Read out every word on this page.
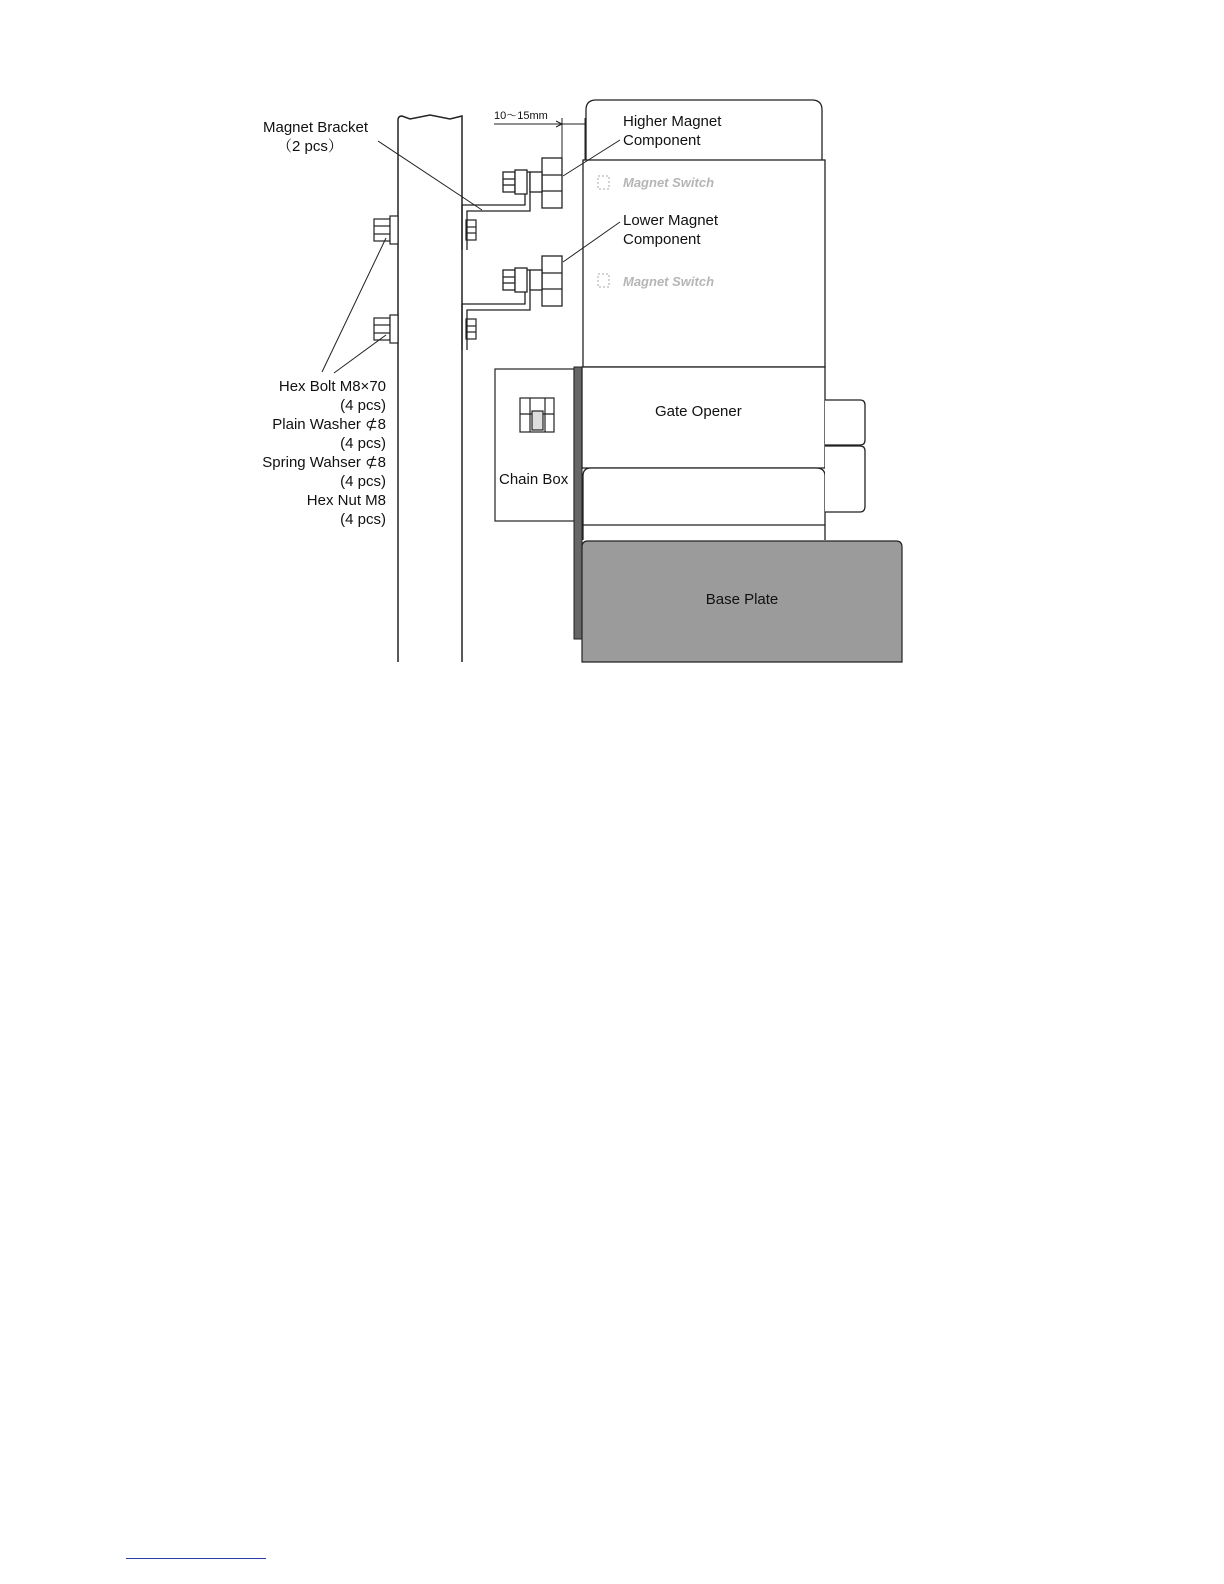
10～15mm
Magnet Switch
Magnet Switch
Magnet Bracket
（2 pcs）
Higher Magnet
Component
Lower Magnet
Component
Gate Opener
Chain Box
Base Plate
Hex Bolt M8×70
(4 pcs)
Plain Washer ⊄8
(4 pcs)
Spring Wahser ⊄8
(4 pcs)
Hex Nut M8
(4 pcs)
